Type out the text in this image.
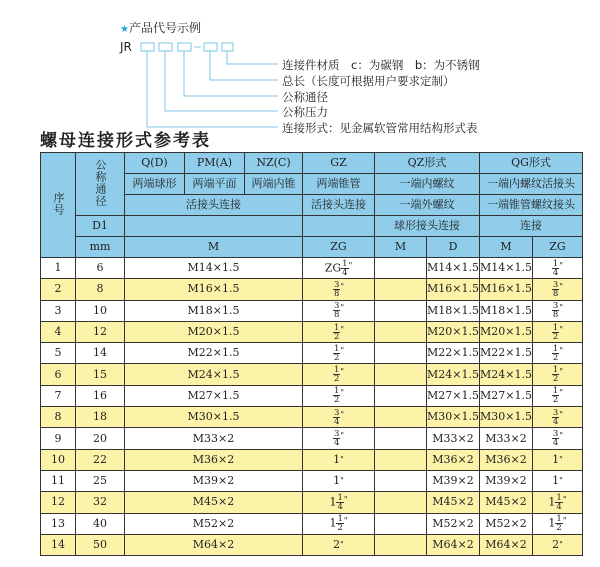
★产品代号示例
JR
连接件材质　c：为碳钢　b：为不锈钢
总长（长度可根据用户要求定制）
公称通径
公称压力
连接形式：见金属软管常用结构形式表
螺母连接形式参考表
序号	公称通径	Q(D)	PM(A)	NZ(C)	GZ	QZ形式		QG形式	
		两端球形	两端平面	两端内锥	两端锥管	一端内螺纹		一端内螺纹活接头	
		活接头连接			活接头连接	一端外螺纹		一端锥管螺纹接头	
	D1					球形接头连接		连接	
	mm	M			ZG	M	D	M	ZG
1	6	M14×1.5			ZG $\frac{1}{4} ^"$		M14×1.5	M14×1.5	$\frac{1}{4} ^"$
2	8	M16×1.5			$\frac{3}{8} ^"$		M16×1.5	M16×1.5	$\frac{3}{8} ^"$
3	10	M18×1.5			$\frac{3}{8} ^"$		M18×1.5	M18×1.5	$\frac{3}{8} ^"$
4	12	M20×1.5			$\frac{1}{2} ^"$		M20×1.5	M20×1.5	$\frac{1}{2} ^"$
5	14	M22×1.5			$\frac{1}{2} ^"$		M22×1.5	M22×1.5	$\frac{1}{2} ^"$
6	15	M24×1.5			$\frac{1}{2} ^"$		M24×1.5	M24×1.5	$\frac{1}{2} ^"$
7	16	M27×1.5			$\frac{1}{2} ^"$		M27×1.5	M27×1.5	$\frac{1}{2} ^"$
8	18	M30×1.5			$\frac{3}{4} ^"$		M30×1.5	M30×1.5	$\frac{3}{4} ^"$
9	20	M33×2			$\frac{3}{4} ^"$		M33×2	M33×2	$\frac{3}{4} ^"$
10	22	M36×2			1"		M36×2	M36×2	1"
11	25	M39×2			1"		M39×2	M39×2	1"
12	32	M45×2			$1 \frac{1}{4} ^"$		M45×2	M45×2	$1 \frac{1}{4} ^"$
13	40	M52×2			$1 \frac{1}{2} ^"$		M52×2	M52×2	$1 \frac{1}{2} ^"$
14	50	M64×2			2"		M64×2	M64×2	2"
